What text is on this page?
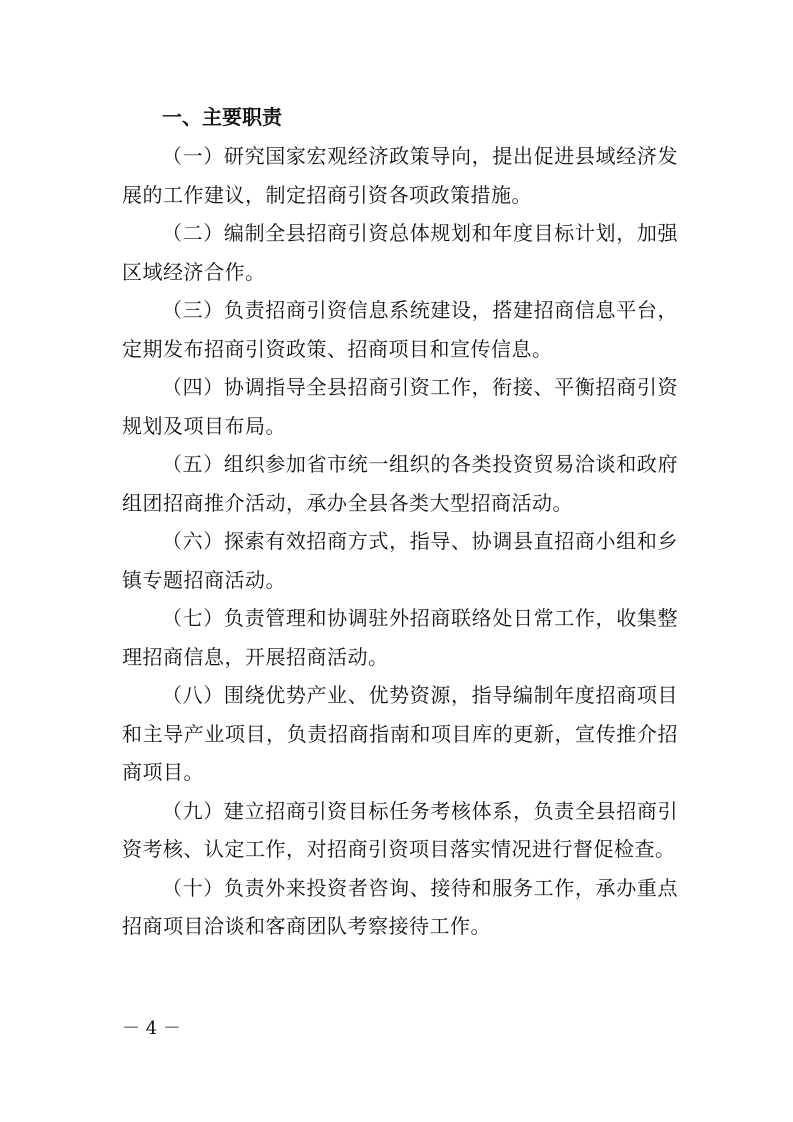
一、主要职责

（一）研究国家宏观经济政策导向，提出促进县域经济发展的工作建议，制定招商引资各项政策措施。

（二）编制全县招商引资总体规划和年度目标计划，加强区域经济合作。

（三）负责招商引资信息系统建设，搭建招商信息平台，定期发布招商引资政策、招商项目和宣传信息。

（四）协调指导全县招商引资工作，衔接、平衡招商引资规划及项目布局。

（五）组织参加省市统一组织的各类投资贸易洽谈和政府组团招商推介活动，承办全县各类大型招商活动。

（六）探索有效招商方式，指导、协调县直招商小组和乡镇专题招商活动。

（七）负责管理和协调驻外招商联络处日常工作，收集整理招商信息，开展招商活动。

（八）围绕优势产业、优势资源，指导编制年度招商项目和主导产业项目，负责招商指南和项目库的更新，宣传推介招商项目。

（九）建立招商引资目标任务考核体系，负责全县招商引资考核、认定工作，对招商引资项目落实情况进行督促检查。

（十）负责外来投资者咨询、接待和服务工作，承办重点招商项目洽谈和客商团队考察接待工作。

－ 4 －
